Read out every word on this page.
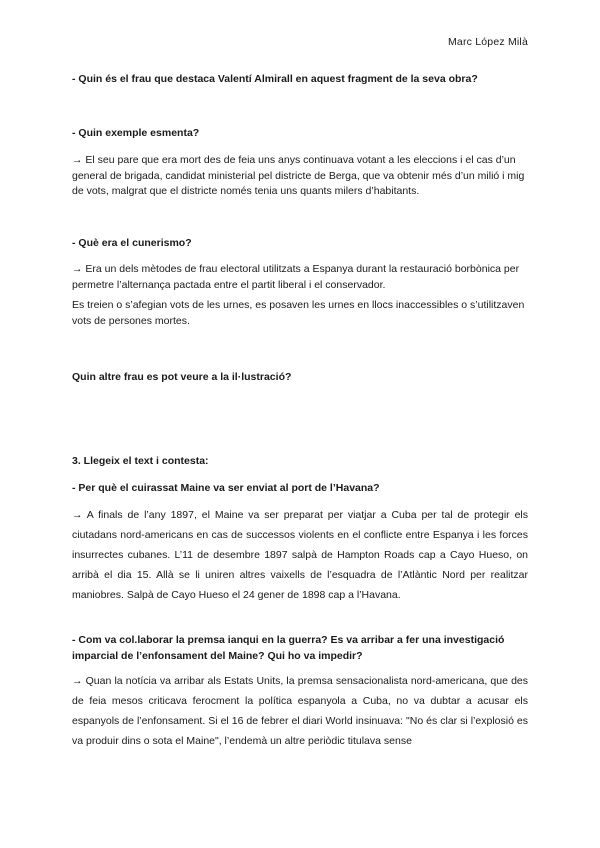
Marc López Milà
- Quin és el frau que destaca Valentí Almirall en aquest fragment de la seva obra?
- Quin exemple esmenta?

→ El seu pare que era mort des de feia uns anys continuava votant a les eleccions i el cas d’un general de brigada, candidat ministerial pel districte de Berga, que va obtenir més d’un milió i mig de vots, malgrat que el districte només tenia uns quants milers d’habitants.

- Què era el cunerismo?

→ Era un dels mètodes de frau electoral utilitzats a Espanya durant la restauració borbònica per permetre l’alternança pactada entre el partit liberal i el conservador.

Es treien o s’afegian vots de les urnes, es posaven les urnes en llocs inaccessibles o s’utilitzaven vots de persones mortes.

Quin altre frau es pot veure a la il·lustració?
3. Llegeix el text i contesta:
- Per què el cuirassat Maine va ser enviat al port de l’Havana?

→ A finals de l’any 1897, el Maine va ser preparat per viatjar a Cuba per tal de protegir els ciutadans nord-americans en cas de successos violents en el conflicte entre Espanya i les forces insurrectes cubanes. L’11 de desembre 1897 salpà de Hampton Roads cap a Cayo Hueso, on arribà el dia 15. Allà se li uniren altres vaixells de l’esquadra de l’Atlàntic Nord per realitzar maniobres. Salpà de Cayo Hueso el 24 gener de 1898 cap a l’Havana.

- Com va col.laborar la premsa ianqui en la guerra? Es va arribar a fer una investigació imparcial de l’enfonsament del Maine? Qui ho va impedir?

→ Quan la notícia va arribar als Estats Units, la premsa sensacionalista nord-americana, que des de feia mesos criticava ferocment la política espanyola a Cuba, no va dubtar a acusar els espanyols de l’enfonsament. Si el 16 de febrer el diari World insinuava: "No és clar si l’explosió es va produir dins o sota el Maine", l’endemà un altre periòdic titulava sense
